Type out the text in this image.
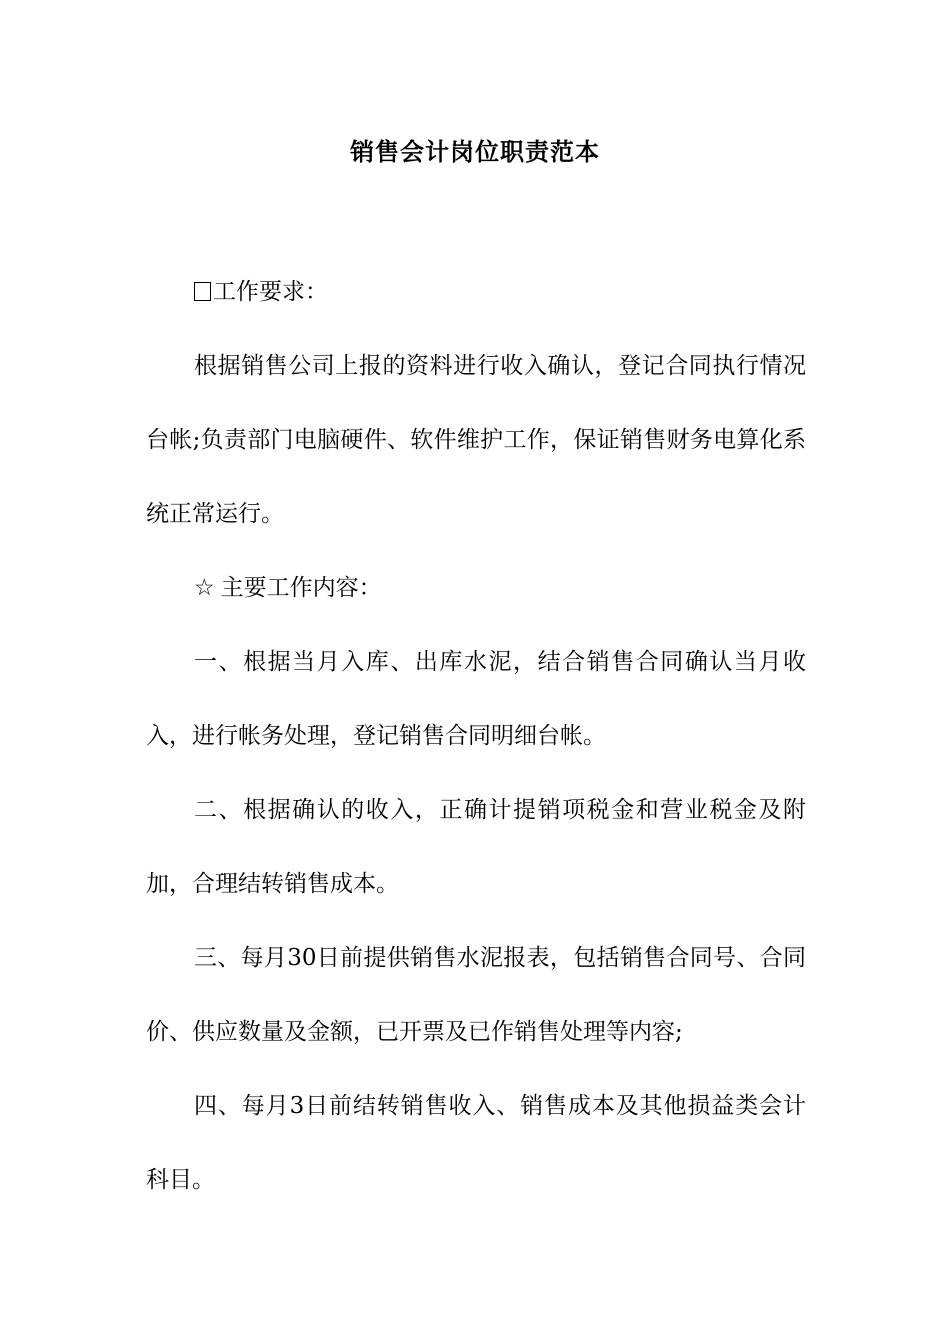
销售会计岗位职责范本

工作要求：

根据销售公司上报的资料进行收入确认，登记合同执行情况台帐;负责部门电脑硬件、软件维护工作，保证销售财务电算化系统正常运行。

☆ 主要工作内容：

一、根据当月入库、出库水泥，结合销售合同确认当月收入，进行帐务处理，登记销售合同明细台帐。

二、根据确认的收入，正确计提销项税金和营业税金及附加，合理结转销售成本。

三、每月30日前提供销售水泥报表，包括销售合同号、合同价、供应数量及金额，已开票及已作销售处理等内容;

四、每月3日前结转销售收入、销售成本及其他损益类会计科目。
